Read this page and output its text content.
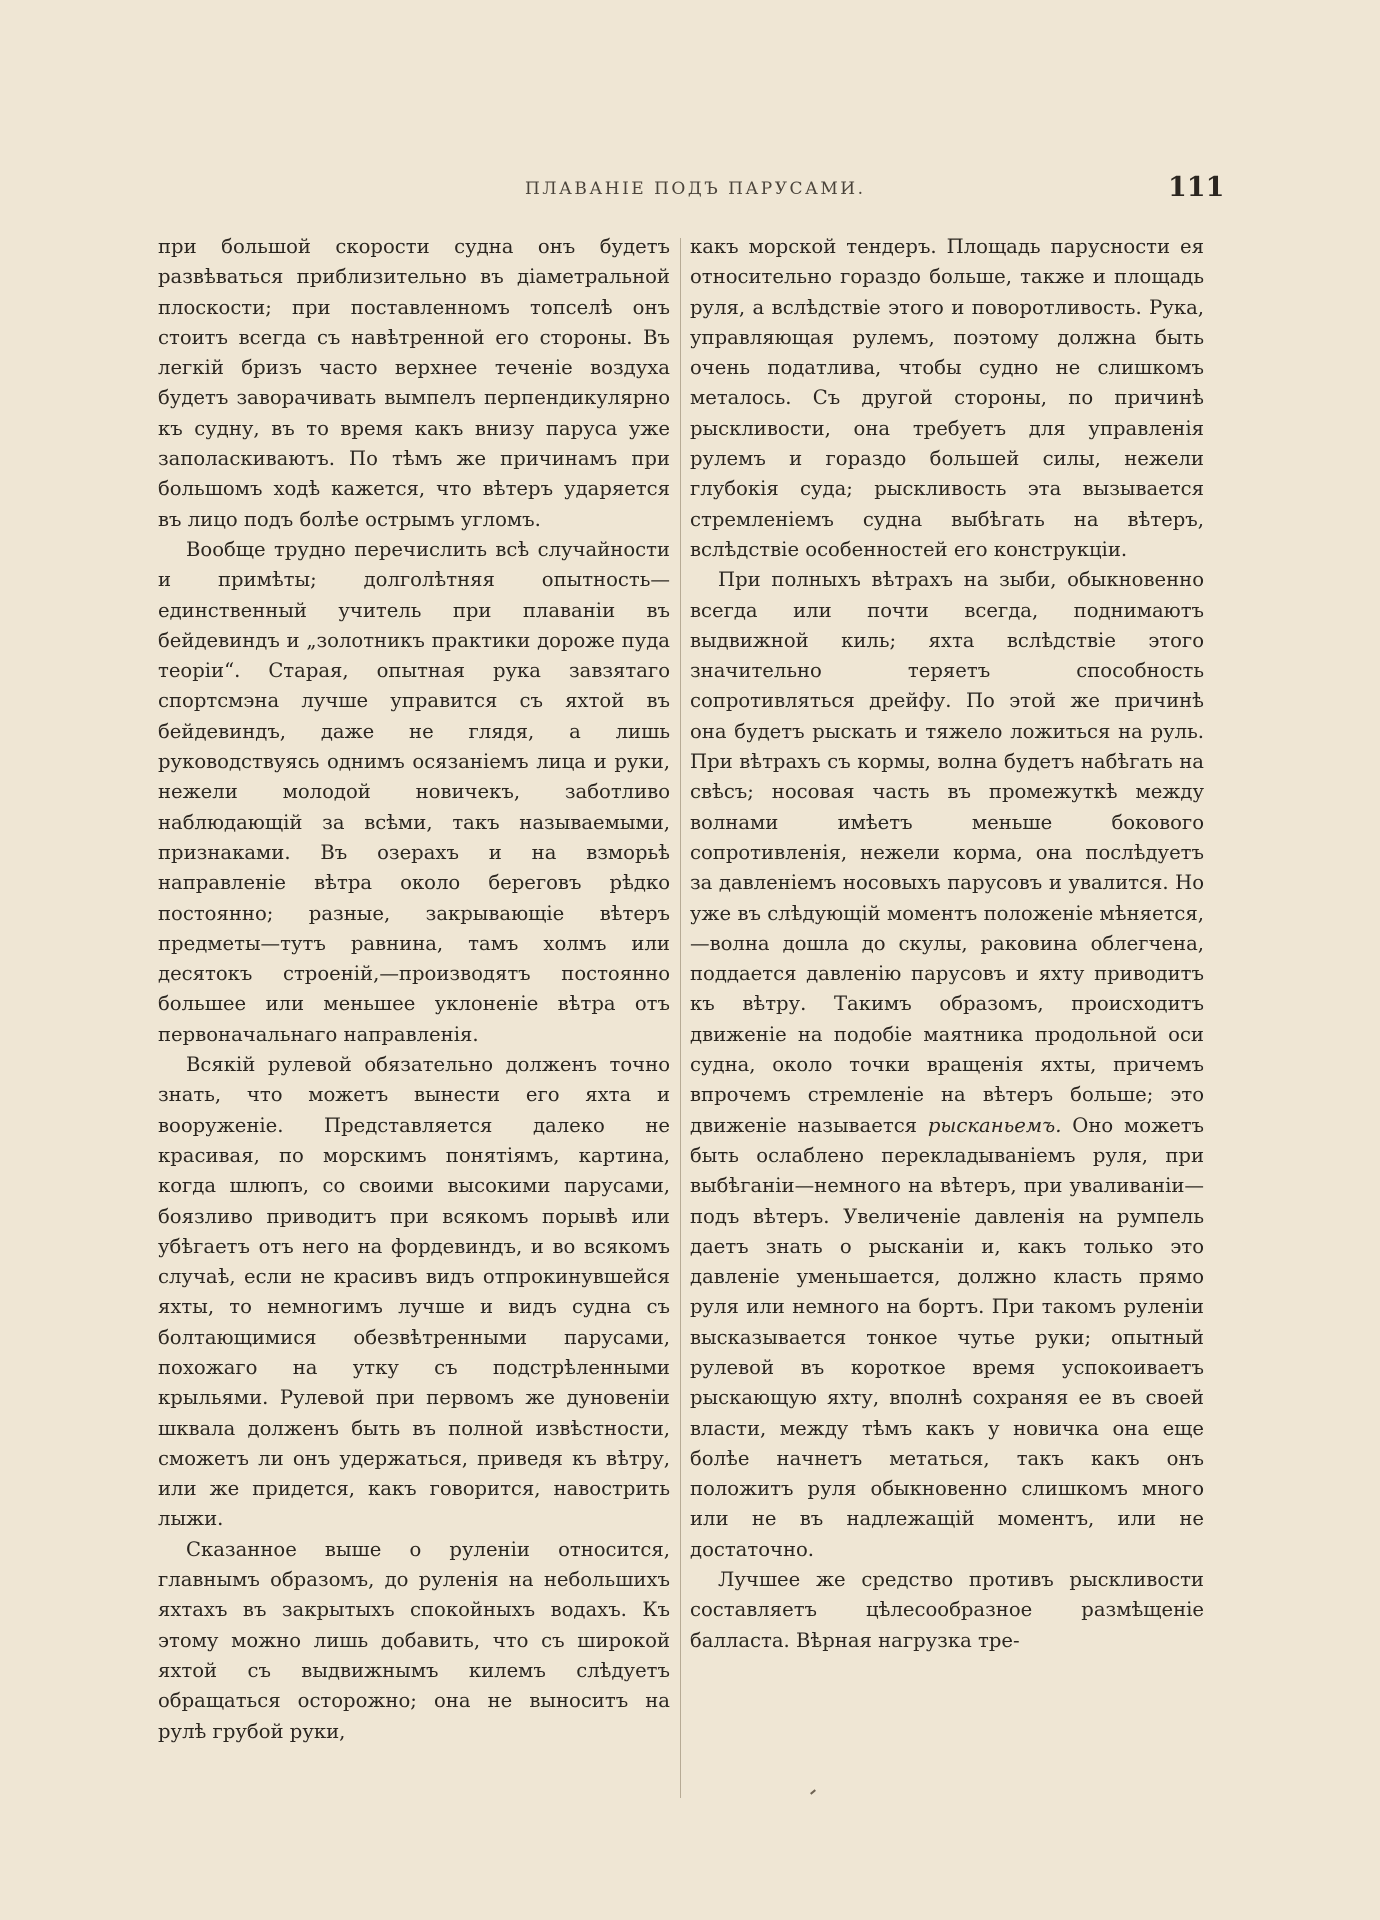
ПЛАВАНІЕ ПОДЪ ПАРУСАМИ.	111

при большой скорости судна онъ будетъ развѣваться приблизительно въ діаметральной плоскости; при поставленномъ топселѣ онъ стоитъ всегда съ навѣтренной его стороны. Въ легкій бризъ часто верхнее теченіе воздуха будетъ заворачивать вымпелъ перпендикулярно къ судну, въ то время какъ внизу паруса уже заполаскиваютъ. По тѣмъ же причинамъ при большомъ ходѣ кажется, что вѣтеръ ударяется въ лицо подъ болѣе острымъ угломъ.

Вообще трудно перечислить всѣ случайности и примѣты; долголѣтняя опытность—единственный учитель при плаваніи въ бейдевиндъ и „золотникъ практики дороже пуда теоріи“. Старая, опытная рука завзятаго спортсмэна лучше управится съ яхтой въ бейдевиндъ, даже не глядя, а лишь руководствуясь однимъ осязаніемъ лица и руки, нежели молодой новичекъ, заботливо наблюдающій за всѣми, такъ называемыми, признаками. Въ озерахъ и на взморьѣ направленіе вѣтра около береговъ рѣдко постоянно; разные, закрывающіе вѣтеръ предметы—тутъ равнина, тамъ холмъ или десятокъ строеній,—производятъ постоянно большее или меньшее уклоненіе вѣтра отъ первоначальнаго направленія.

Всякій рулевой обязательно долженъ точно знать, что можетъ вынести его яхта и вооруженіе. Представляется далеко не красивая, по морскимъ понятіямъ, картина, когда шлюпъ, со своими высокими парусами, боязливо приводитъ при всякомъ порывѣ или убѣгаетъ отъ него на фордевиндъ, и во всякомъ случаѣ, если не красивъ видъ отпрокинувшейся яхты, то немногимъ лучше и видъ судна съ болтающимися обезвѣтренными парусами, похожаго на утку съ подстрѣленными крыльями. Рулевой при первомъ же дуновеніи шквала долженъ быть въ полной извѣстности, сможетъ ли онъ удержаться, приведя къ вѣтру, или же придется, какъ говорится, навострить лыжи.

Сказанное выше о руленіи относится, главнымъ образомъ, до руленія на небольшихъ яхтахъ въ закрытыхъ спокойныхъ водахъ. Къ этому можно лишь добавить, что съ широкой яхтой съ выдвижнымъ килемъ слѣдуетъ обращаться осторожно; она не выноситъ на рулѣ грубой руки,

какъ морской тендеръ. Площадь парусности ея относительно гораздо больше, также и площадь руля, а вслѣдствіе этого и поворотливость. Рука, управляющая рулемъ, поэтому должна быть очень податлива, чтобы судно не слишкомъ металось. Съ другой стороны, по причинѣ рыскливости, она требуетъ для управленія рулемъ и гораздо большей силы, нежели глубокія суда; рыскливость эта вызывается стремленіемъ судна выбѣгать на вѣтеръ, вслѣдствіе особенностей его конструкціи.

При полныхъ вѣтрахъ на зыби, обыкновенно всегда или почти всегда, поднимаютъ выдвижной киль; яхта вслѣдствіе этого значительно теряетъ способность сопротивляться дрейфу. По этой же причинѣ она будетъ рыскать и тяжело ложиться на руль. При вѣтрахъ съ кормы, волна будетъ набѣгать на свѣсъ; носовая часть въ промежуткѣ между волнами имѣетъ меньше бокового сопротивленія, нежели корма, она послѣдуетъ за давленіемъ носовыхъ парусовъ и увалится. Но уже въ слѣдующій моментъ положеніе мѣняется,—волна дошла до скулы, раковина облегчена, поддается давленію парусовъ и яхту приводитъ къ вѣтру. Такимъ образомъ, происходитъ движеніе на подобіе маятника продольной оси судна, около точки вращенія яхты, причемъ впрочемъ стремленіе на вѣтеръ больше; это движеніе называется рысканьемъ. Оно можетъ быть ослаблено перекладываніемъ руля, при выбѣганіи—немного на вѣтеръ, при уваливаніи—подъ вѣтеръ. Увеличеніе давленія на румпель даетъ знать о рысканіи и, какъ только это давленіе уменьшается, должно класть прямо руля или немного на бортъ. При такомъ руленіи высказывается тонкое чутье руки; опытный рулевой въ короткое время успокоиваетъ рыскающую яхту, вполнѣ сохраняя ее въ своей власти, между тѣмъ какъ у новичка она еще болѣе начнетъ метаться, такъ какъ онъ положитъ руля обыкновенно слишкомъ много или не въ надлежащій моментъ, или не достаточно.

Лучшее же средство противъ рыскливости составляетъ цѣлесообразное размѣщеніе балласта. Вѣрная нагрузка тре-
